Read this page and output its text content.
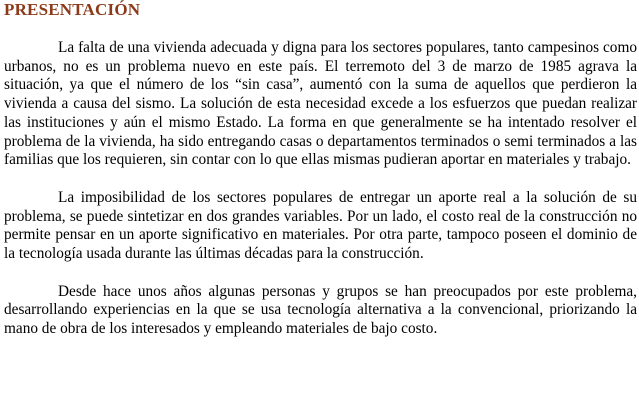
PRESENTACIÓN

La falta de una vivienda adecuada y digna para los sectores populares, tanto campesinos como urbanos, no es un problema nuevo en este país. El terremoto del 3 de marzo de 1985 agrava la situación, ya que el número de los “sin casa”, aumentó con la suma de aquellos que perdieron la vivienda a causa del sismo. La solución de esta necesidad excede a los esfuerzos que puedan realizar las instituciones y aún el mismo Estado. La forma en que generalmente se ha intentado resolver el problema de la vivienda, ha sido entregando casas o departamentos terminados o semi terminados a las familias que los requieren, sin contar con lo que ellas mismas pudieran aportar en materiales y trabajo.

La imposibilidad de los sectores populares de entregar un aporte real a la solución de su problema, se puede sintetizar en dos grandes variables. Por un lado, el costo real de la construcción no permite pensar en un aporte significativo en materiales. Por otra parte, tampoco poseen el dominio de la tecnología usada durante las últimas décadas para la construcción.

Desde hace unos años algunas personas y grupos se han preocupados por este problema, desarrollando experiencias en la que se usa tecnología alternativa a la convencional, priorizando la mano de obra de los interesados y empleando materiales de bajo costo.
